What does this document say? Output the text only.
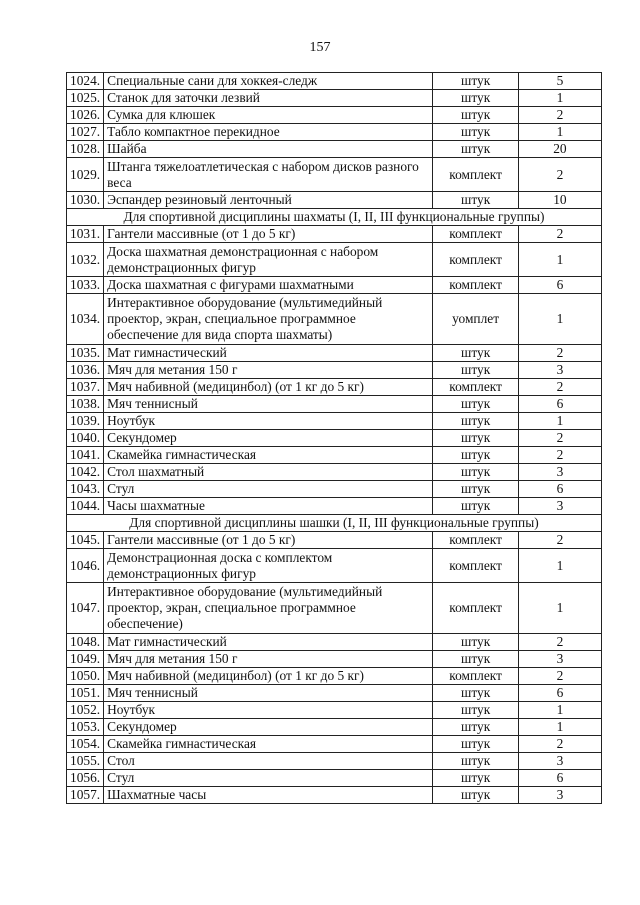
157
1024.	Специальные сани для хоккея-следж	штук	5
1025.	Станок для заточки лезвий	штук	1
1026.	Сумка для клюшек	штук	2
1027.	Табло компактное перекидное	штук	1
1028.	Шайба	штук	20
1029.	Штанга тяжелоатлетическая с набором дисков разного веса	комплект	2
1030.	Эспандер резиновый ленточный	штук	10
Для спортивной дисциплины шахматы (I, II, III функциональные группы)			
1031.	Гантели массивные (от 1 до 5 кг)	комплект	2
1032.	Доска шахматная демонстрационная с набором демонстрационных фигур	комплект	1
1033.	Доска шахматная с фигурами шахматными	комплект	6
1034.	Интерактивное оборудование (мультимедийный проектор, экран, специальное программное обеспечение для вида спорта шахматы)	уомплет	1
1035.	Мат гимнастический	штук	2
1036.	Мяч для метания 150 г	штук	3
1037.	Мяч набивной (медицинбол) (от 1 кг до 5 кг)	комплект	2
1038.	Мяч теннисный	штук	6
1039.	Ноутбук	штук	1
1040.	Секундомер	штук	2
1041.	Скамейка гимнастическая	штук	2
1042.	Стол шахматный	штук	3
1043.	Стул	штук	6
1044.	Часы шахматные	штук	3
Для спортивной дисциплины шашки (I, II, III функциональные группы)			
1045.	Гантели массивные (от 1 до 5 кг)	комплект	2
1046.	Демонстрационная доска с комплектом демонстрационных фигур	комплект	1
1047.	Интерактивное оборудование (мультимедийный проектор, экран, специальное программное обеспечение)	комплект	1
1048.	Мат гимнастический	штук	2
1049.	Мяч для метания 150 г	штук	3
1050.	Мяч набивной (медицинбол) (от 1 кг до 5 кг)	комплект	2
1051.	Мяч теннисный	штук	6
1052.	Ноутбук	штук	1
1053.	Секундомер	штук	1
1054.	Скамейка гимнастическая	штук	2
1055.	Стол	штук	3
1056.	Стул	штук	6
1057.	Шахматные часы	штук	3
